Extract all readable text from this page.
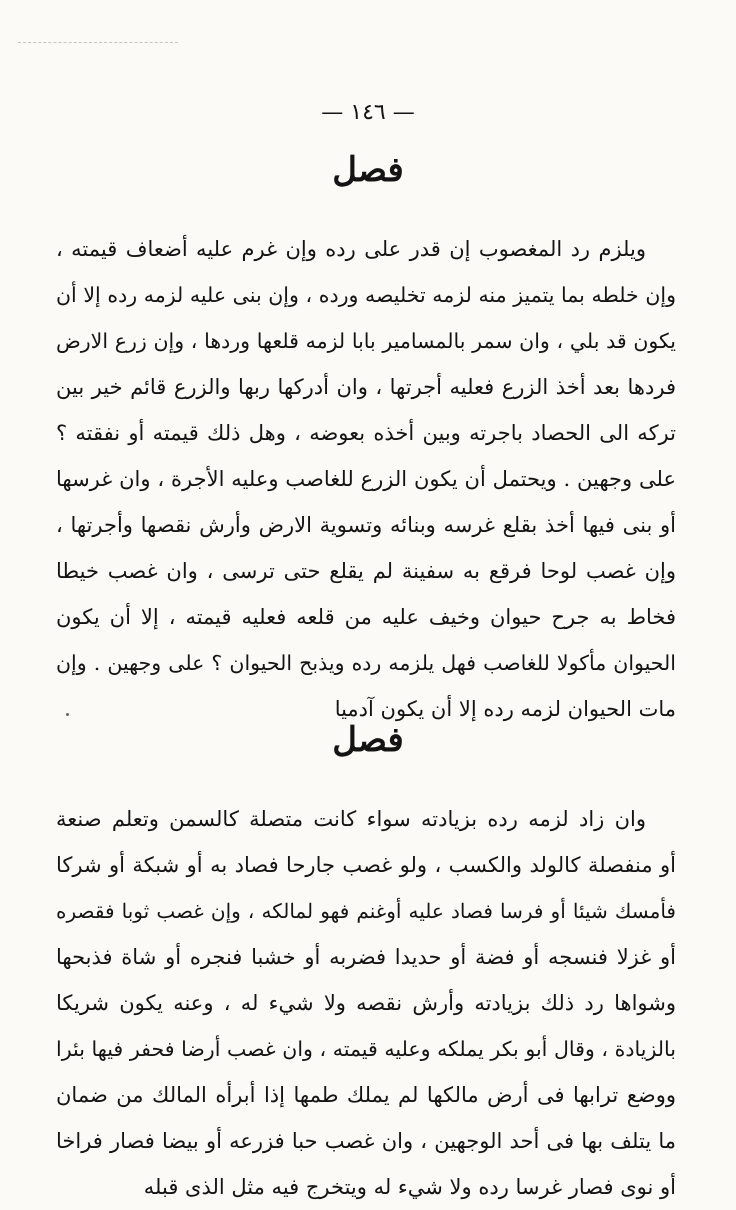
— ١٤٦ —
فصل
ويلزم رد المغصوب إن قدر على رده وإن غرم عليه أضعاف قيمته ،
وإن خلطه بما يتميز منه لزمه تخليصه ورده ، وإن بنى عليه لزمه رده إلا أن
يكون قد بلي ، وان سمر بالمسامير بابا لزمه قلعها وردها ، وإن زرع الارض
فردها بعد أخذ الزرع فعليه أجرتها ، وان أدركها ربها والزرع قائم خير بين
تركه الى الحصاد باجرته وبين أخذه بعوضه ، وهل ذلك قيمته أو نفقته ؟
على وجهين . ويحتمل أن يكون الزرع للغاصب وعليه الأجرة ، وان غرسها
أو بنى فيها أخذ بقلع غرسه وبنائه وتسوية الارض وأرش نقصها وأجرتها ،
وإن غصب لوحا فرقع به سفينة لم يقلع حتى ترسى ، وان غصب خيطا
فخاط به جرح حيوان وخيف عليه من قلعه فعليه قيمته ، إلا أن يكون
الحيوان مأكولا للغاصب فهل يلزمه رده ويذبح الحيوان ؟ على وجهين . وإن
مات الحيوان لزمه رده إلا أن يكون آدميا
فصل
وان زاد لزمه رده بزيادته سواء كانت متصلة كالسمن وتعلم صنعة
أو منفصلة كالولد والكسب ، ولو غصب جارحا فصاد به أو شبكة أو شركا
فأمسك شيئا أو فرسا فصاد عليه أوغنم فهو لمالكه ، وإن غصب ثوبا فقصره
أو غزلا فنسجه أو فضة أو حديدا فضربه أو خشبا فنجره أو شاة فذبحها
وشواها رد ذلك بزيادته وأرش نقصه ولا شيء له ، وعنه يكون شريكا
بالزيادة ، وقال أبو بكر يملكه وعليه قيمته ، وان غصب أرضا فحفر فيها بئرا
ووضع ترابها فى أرض مالكها لم يملك طمها إذا أبرأه المالك من ضمان
ما يتلف بها فى أحد الوجهين ، وان غصب حبا فزرعه أو بيضا فصار فراخا
أو نوى فصار غرسا رده ولا شيء له ويتخرج فيه مثل الذى قبله
